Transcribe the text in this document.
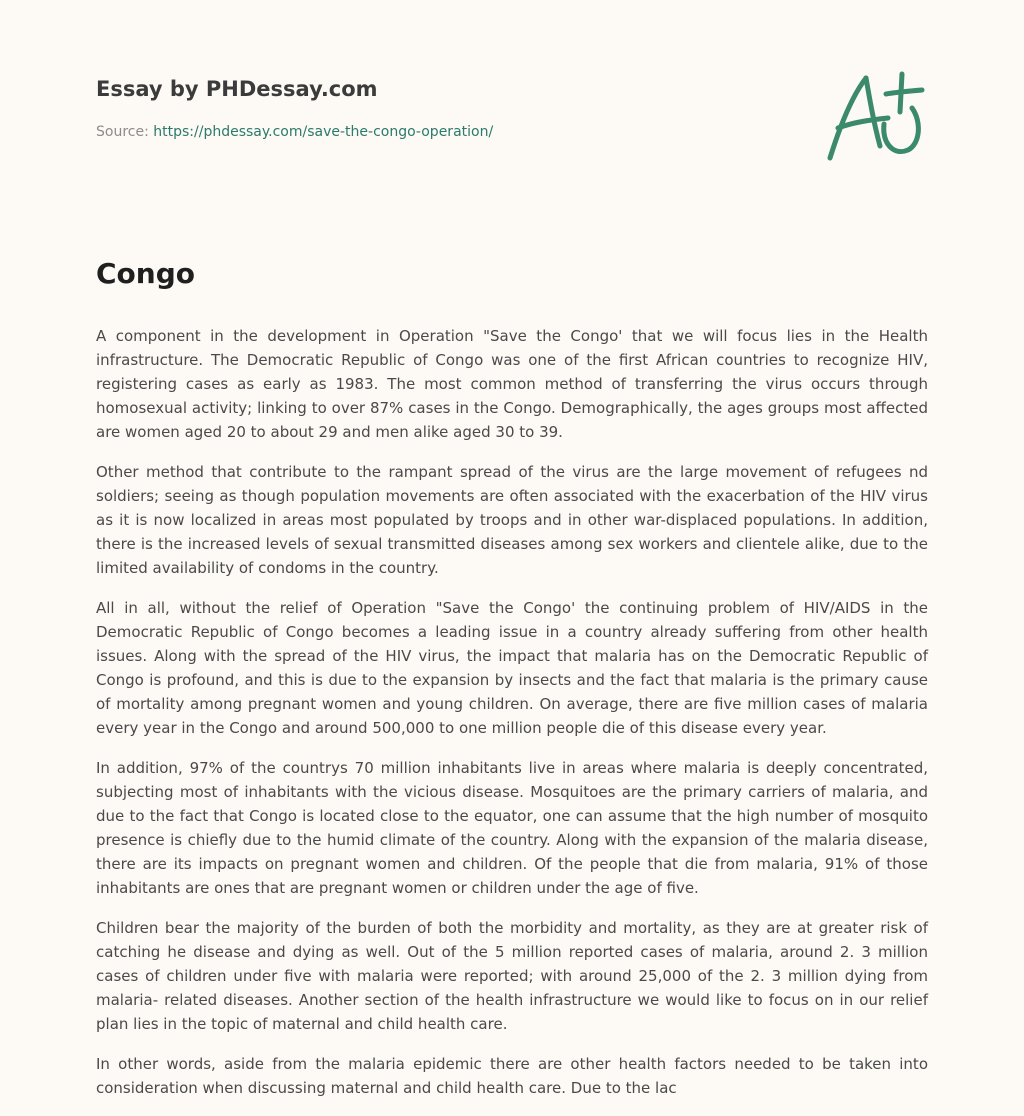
Essay by PHDessay.com
Source: https://phdessay.com/save-the-congo-operation/
Congo

A component in the development in Operation "Save the Congo' that we will focus lies in the Health infrastructure. The Democratic Republic of Congo was one of the first African countries to recognize HIV, registering cases as early as 1983. The most common method of transferring the virus occurs through homosexual activity; linking to over 87% cases in the Congo. Demographically, the ages groups most affected are women aged 20 to about 29 and men alike aged 30 to 39.

Other method that contribute to the rampant spread of the virus are the large movement of refugees nd soldiers; seeing as though population movements are often associated with the exacerbation of the HIV virus as it is now localized in areas most populated by troops and in other war-displaced populations. In addition, there is the increased levels of sexual transmitted diseases among sex workers and clientele alike, due to the limited availability of condoms in the country.

All in all, without the relief of Operation "Save the Congo' the continuing problem of HIV/AIDS in the Democratic Republic of Congo becomes a leading issue in a country already suffering from other health issues. Along with the spread of the HIV virus, the impact that malaria has on the Democratic Republic of Congo is profound, and this is due to the expansion by insects and the fact that malaria is the primary cause of mortality among pregnant women and young children. On average, there are five million cases of malaria every year in the Congo and around 500,000 to one million people die of this disease every year.

In addition, 97% of the countrys 70 million inhabitants live in areas where malaria is deeply concentrated, subjecting most of inhabitants with the vicious disease. Mosquitoes are the primary carriers of malaria, and due to the fact that Congo is located close to the equator, one can assume that the high number of mosquito presence is chiefly due to the humid climate of the country. Along with the expansion of the malaria disease, there are its impacts on pregnant women and children. Of the people that die from malaria, 91% of those inhabitants are ones that are pregnant women or children under the age of five.

Children bear the majority of the burden of both the morbidity and mortality, as they are at greater risk of catching he disease and dying as well. Out of the 5 million reported cases of malaria, around 2. 3 million cases of children under five with malaria were reported; with around 25,000 of the 2. 3 million dying from malaria- related diseases. Another section of the health infrastructure we would like to focus on in our relief plan lies in the topic of maternal and child health care.

In other words, aside from the malaria epidemic there are other health factors needed to be taken into consideration when discussing maternal and child health care. Due to the lac
